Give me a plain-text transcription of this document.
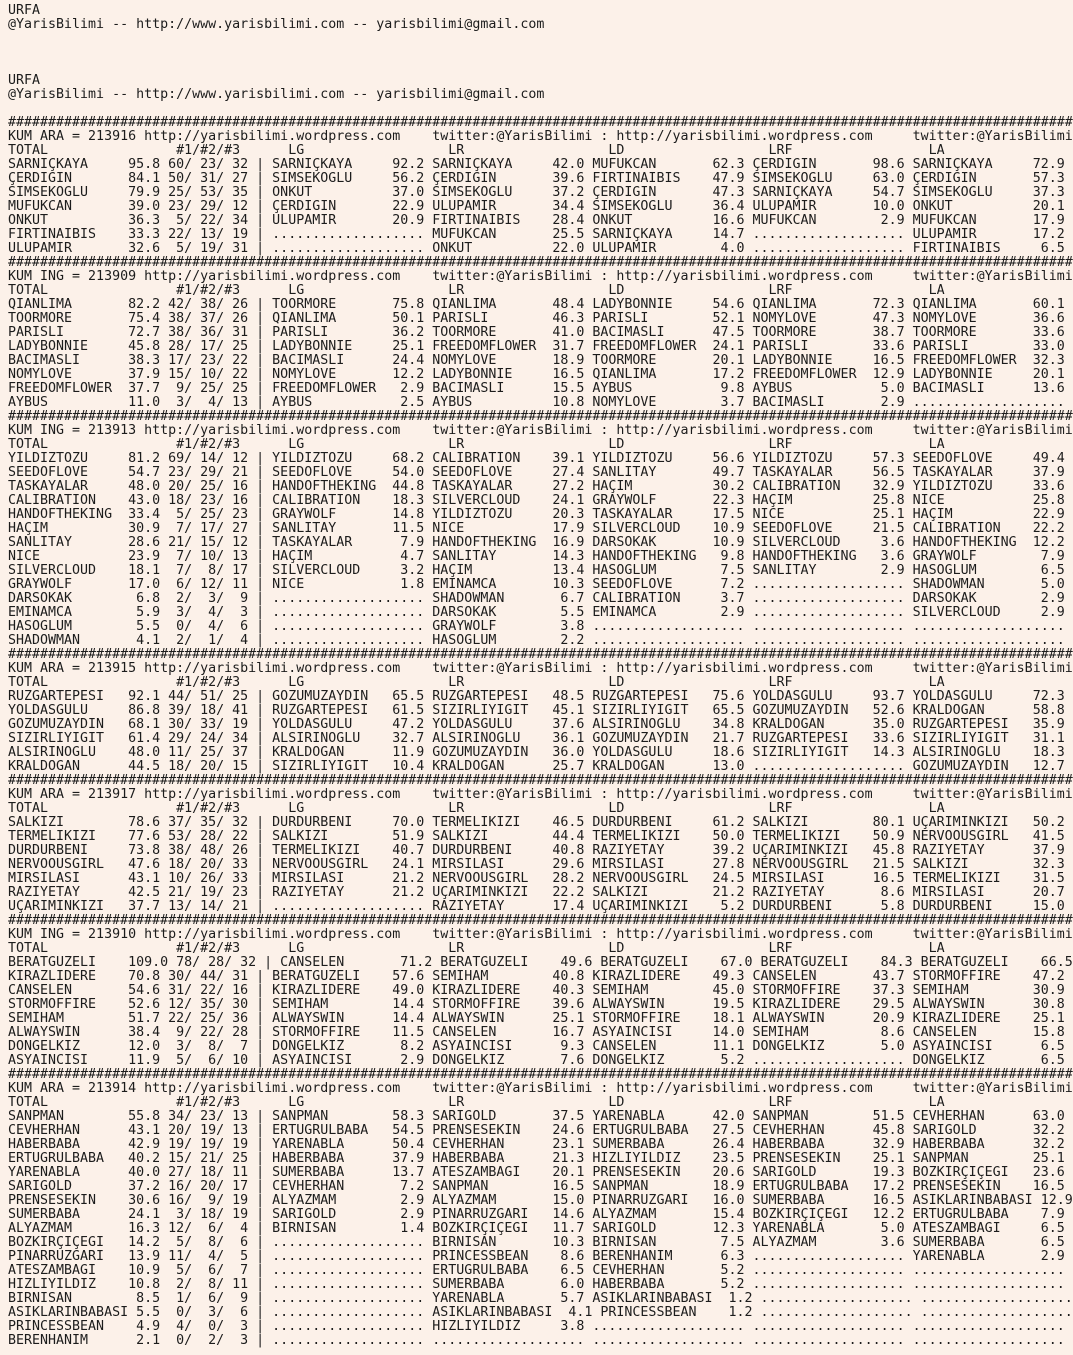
URFA
@YarisBilimi -- http://www.yarisbilimi.com -- yarisbilimi@gmail.com
URFA
@YarisBilimi -- http://www.yarisbilimi.com -- yarisbilimi@gmail.com
#####################################################################################################################################
KUM ARA = 213916 http://yarisbilimi.wordpress.com    twitter:@YarisBilimi : http://yarisbilimi.wordpress.com     twitter:@YarisBilimi
TOTAL                #1/#2/#3      LG                  LR                  LD                  LRF                 LA
SARNIÇKAYA     95.8 60/ 23/ 32 | SARNIÇKAYA     92.2 SARNIÇKAYA     42.0 MUFUKCAN       62.3 ÇERDIGIN       98.6 SARNIÇKAYA     72.9
ÇERDIGIN       84.1 50/ 31/ 27 | SIMSEKOGLU     56.2 ÇERDIGIN       39.6 FIRTINAIBIS    47.9 SIMSEKOGLU     63.0 ÇERDIGIN       57.3
SIMSEKOGLU     79.9 25/ 53/ 35 | ONKUT          37.0 SIMSEKOGLU     37.2 ÇERDIGIN       47.3 SARNIÇKAYA     54.7 SIMSEKOGLU     37.3
MUFUKCAN       39.0 23/ 29/ 12 | ÇERDIGIN       22.9 ULUPAMIR       34.4 SIMSEKOGLU     36.4 ULUPAMIR       10.0 ONKUT          20.1
ONKUT          36.3  5/ 22/ 34 | ULUPAMIR       20.9 FIRTINAIBIS    28.4 ONKUT          16.6 MUFUKCAN        2.9 MUFUKCAN       17.9
FIRTINAIBIS    33.3 22/ 13/ 19 | ................... MUFUKCAN       25.5 SARNIÇKAYA     14.7 ................... ULUPAMIR       17.2
ULUPAMIR       32.6  5/ 19/ 31 | ................... ONKUT          22.0 ULUPAMIR        4.0 ................... FIRTINAIBIS     6.5
#####################################################################################################################################
KUM ING = 213909 http://yarisbilimi.wordpress.com    twitter:@YarisBilimi : http://yarisbilimi.wordpress.com     twitter:@YarisBilimi
TOTAL                #1/#2/#3      LG                  LR                  LD                  LRF                 LA
QIANLIMA       82.2 42/ 38/ 26 | TOORMORE       75.8 QIANLIMA       48.4 LADYBONNIE     54.6 QIANLIMA       72.3 QIANLIMA       60.1
TOORMORE       75.4 38/ 37/ 26 | QIANLIMA       50.1 PARISLI        46.3 PARISLI        52.1 NOMYLOVE       47.3 NOMYLOVE       36.6
PARISLI        72.7 38/ 36/ 31 | PARISLI        36.2 TOORMORE       41.0 BACIMASLI      47.5 TOORMORE       38.7 TOORMORE       33.6
LADYBONNIE     45.8 28/ 17/ 25 | LADYBONNIE     25.1 FREEDOMFLOWER  31.7 FREEDOMFLOWER  24.1 PARISLI        33.6 PARISLI        33.0
BACIMASLI      38.3 17/ 23/ 22 | BACIMASLI      24.4 NOMYLOVE       18.9 TOORMORE       20.1 LADYBONNIE     16.5 FREEDOMFLOWER  32.3
NOMYLOVE       37.9 15/ 10/ 22 | NOMYLOVE       12.2 LADYBONNIE     16.5 QIANLIMA       17.2 FREEDOMFLOWER  12.9 LADYBONNIE     20.1
FREEDOMFLOWER  37.7  9/ 25/ 25 | FREEDOMFLOWER   2.9 BACIMASLI      15.5 AYBUS           9.8 AYBUS           5.0 BACIMASLI      13.6
AYBUS          11.0  3/  4/ 13 | AYBUS           2.5 AYBUS          10.8 NOMYLOVE        3.7 BACIMASLI       2.9 ...................
#####################################################################################################################################
KUM ING = 213913 http://yarisbilimi.wordpress.com    twitter:@YarisBilimi : http://yarisbilimi.wordpress.com     twitter:@YarisBilimi
TOTAL                #1/#2/#3      LG                  LR                  LD                  LRF                 LA
YILDIZTOZU     81.2 69/ 14/ 12 | YILDIZTOZU     68.2 CALIBRATION    39.1 YILDIZTOZU     56.6 YILDIZTOZU     57.3 SEEDOFLOVE     49.4
SEEDOFLOVE     54.7 23/ 29/ 21 | SEEDOFLOVE     54.0 SEEDOFLOVE     27.4 SANLITAY       49.7 TASKAYALAR     56.5 TASKAYALAR     37.9
TASKAYALAR     48.0 20/ 25/ 16 | HANDOFTHEKING  44.8 TASKAYALAR     27.2 HAÇIM          30.2 CALIBRATION    32.9 YILDIZTOZU     33.6
CALIBRATION    43.0 18/ 23/ 16 | CALIBRATION    18.3 SILVERCLOUD    24.1 GRAYWOLF       22.3 HAÇIM          25.8 NICE           25.8
HANDOFTHEKING  33.4  5/ 25/ 23 | GRAYWOLF       14.8 YILDIZTOZU     20.3 TASKAYALAR     17.5 NICE           25.1 HAÇIM          22.9
HAÇIM          30.9  7/ 17/ 27 | SANLITAY       11.5 NICE           17.9 SILVERCLOUD    10.9 SEEDOFLOVE     21.5 CALIBRATION    22.2
SANLITAY       28.6 21/ 15/ 12 | TASKAYALAR      7.9 HANDOFTHEKING  16.9 DARSOKAK       10.9 SILVERCLOUD     3.6 HANDOFTHEKING  12.2
NICE           23.9  7/ 10/ 13 | HAÇIM           4.7 SANLITAY       14.3 HANDOFTHEKING   9.8 HANDOFTHEKING   3.6 GRAYWOLF        7.9
SILVERCLOUD    18.1  7/  8/ 17 | SILVERCLOUD     3.2 HAÇIM          13.4 HASOGLUM        7.5 SANLITAY        2.9 HASOGLUM        6.5
GRAYWOLF       17.0  6/ 12/ 11 | NICE            1.8 EMINAMCA       10.3 SEEDOFLOVE      7.2 ................... SHADOWMAN       5.0
DARSOKAK        6.8  2/  3/  9 | ................... SHADOWMAN       6.7 CALIBRATION     3.7 ................... DARSOKAK        2.9
EMINAMCA        5.9  3/  4/  3 | ................... DARSOKAK        5.5 EMINAMCA        2.9 ................... SILVERCLOUD     2.9
HASOGLUM        5.5  0/  4/  6 | ................... GRAYWOLF        3.8 ................... ................... ...................
SHADOWMAN       4.1  2/  1/  4 | ................... HASOGLUM        2.2 ................... ................... ...................
#####################################################################################################################################
KUM ARA = 213915 http://yarisbilimi.wordpress.com    twitter:@YarisBilimi : http://yarisbilimi.wordpress.com     twitter:@YarisBilimi
TOTAL                #1/#2/#3      LG                  LR                  LD                  LRF                 LA
RÜZGARTEPESI   92.1 44/ 51/ 25 | GÖZÜMÜZAYDIN   65.5 RÜZGARTEPESI   48.5 RÜZGARTEPESI   75.6 YOLDASGÜLÜ     93.7 YOLDASGÜLÜ     72.3
YOLDASGÜLÜ     86.8 39/ 18/ 41 | RÜZGARTEPESI   61.5 SIZIRLIYIGIT   45.1 SIZIRLIYIGIT   65.5 GÖZÜMÜZAYDIN   52.6 KRALDOGAN      58.8
GÖZÜMÜZAYDIN   68.1 30/ 33/ 19 | YOLDASGÜLÜ     47.2 YOLDASGÜLÜ     37.6 ALSIRINOGLU    34.8 KRALDOGAN      35.0 RÜZGARTEPESI   35.9
SIZIRLIYIGIT   61.4 29/ 24/ 34 | ALSIRINOGLU    32.7 ALSIRINOGLU    36.1 GÖZÜMÜZAYDIN   21.7 RÜZGARTEPESI   33.6 SIZIRLIYIGIT   31.1
ALSIRINOGLU    48.0 11/ 25/ 37 | KRALDOGAN      11.9 GÖZÜMÜZAYDIN   36.0 YOLDASGÜLÜ     18.6 SIZIRLIYIGIT   14.3 ALSIRINOGLU    18.3
KRALDOGAN      44.5 18/ 20/ 15 | SIZIRLIYIGIT   10.4 KRALDOGAN      25.7 KRALDOGAN      13.0 ................... GÖZÜMÜZAYDIN   12.7
#####################################################################################################################################
KUM ARA = 213917 http://yarisbilimi.wordpress.com    twitter:@YarisBilimi : http://yarisbilimi.wordpress.com     twitter:@YarisBilimi
TOTAL                #1/#2/#3      LG                  LR                  LD                  LRF                 LA
SALKIZI        78.6 37/ 35/ 32 | DURDURBENI     70.0 TERMELIKIZI    46.5 DURDURBENI     61.2 SALKIZI        80.1 UÇARIMINKIZI   50.2
TERMELIKIZI    77.6 53/ 28/ 22 | SALKIZI        51.9 SALKIZI        44.4 TERMELIKIZI    50.0 TERMELIKIZI    50.9 NERVOOUSGIRL   41.5
DURDURBENI     73.8 38/ 48/ 26 | TERMELIKIZI    40.7 DURDURBENI     40.8 RAZIYETAY      39.2 UÇARIMINKIZI   45.8 RAZIYETAY      37.9
NERVOOUSGIRL   47.6 18/ 20/ 33 | NERVOOUSGIRL   24.1 MIRSILASI      29.6 MIRSILASI      27.8 NERVOOUSGIRL   21.5 SALKIZI        32.3
MIRSILASI      43.1 10/ 26/ 33 | MIRSILASI      21.2 NERVOOUSGIRL   28.2 NERVOOUSGIRL   24.5 MIRSILASI      16.5 TERMELIKIZI    31.5
RAZIYETAY      42.5 21/ 19/ 23 | RAZIYETAY      21.2 UÇARIMINKIZI   22.2 SALKIZI        21.2 RAZIYETAY       8.6 MIRSILASI      20.7
UÇARIMINKIZI   37.7 13/ 14/ 21 | ................... RAZIYETAY      17.4 UÇARIMINKIZI    5.2 DURDURBENI      5.8 DURDURBENI     15.0
#####################################################################################################################################
KUM ING = 213910 http://yarisbilimi.wordpress.com    twitter:@YarisBilimi : http://yarisbilimi.wordpress.com     twitter:@YarisBilimi
TOTAL                #1/#2/#3      LG                  LR                  LD                  LRF                 LA
BERATGÜZELI    109.0 78/ 28/ 32 | CANSELEN       71.2 BERATGÜZELI    49.6 BERATGÜZELI    67.0 BERATGÜZELI    84.3 BERATGÜZELI    66.5
KIRAZLIDERE    70.8 30/ 44/ 31 | BERATGÜZELI    57.6 SEMIHAM        40.8 KIRAZLIDERE    49.3 CANSELEN       43.7 STORMOFFIRE    47.2
CANSELEN       54.6 31/ 22/ 16 | KIRAZLIDERE    49.0 KIRAZLIDERE    40.3 SEMIHAM        45.0 STORMOFFIRE    37.3 SEMIHAM        30.9
STORMOFFIRE    52.6 12/ 35/ 30 | SEMIHAM        14.4 STORMOFFIRE    39.6 ALWAYSWIN      19.5 KIRAZLIDERE    29.5 ALWAYSWIN      30.8
SEMIHAM        51.7 22/ 25/ 36 | ALWAYSWIN      14.4 ALWAYSWIN      25.1 STORMOFFIRE    18.1 ALWAYSWIN      20.9 KIRAZLIDERE    25.1
ALWAYSWIN      38.4  9/ 22/ 28 | STORMOFFIRE    11.5 CANSELEN       16.7 ASYAINCISI     14.0 SEMIHAM         8.6 CANSELEN       15.8
DÖNGELKIZ      12.0  3/  8/  7 | DÖNGELKIZ       8.2 ASYAINCISI      9.3 CANSELEN       11.1 DÖNGELKIZ       5.0 ASYAINCISI      6.5
ASYAINCISI     11.9  5/  6/ 10 | ASYAINCISI      2.9 DÖNGELKIZ       7.6 DÖNGELKIZ       5.2 ................... DÖNGELKIZ       6.5
#####################################################################################################################################
KUM ARA = 213914 http://yarisbilimi.wordpress.com    twitter:@YarisBilimi : http://yarisbilimi.wordpress.com     twitter:@YarisBilimi
TOTAL                #1/#2/#3      LG                  LR                  LD                  LRF                 LA
SANPMAN        55.8 34/ 23/ 13 | SANPMAN        58.3 SARIGOLD       37.5 YARENABLA      42.0 SANPMAN        51.5 CEVHERHAN      63.0
CEVHERHAN      43.1 20/ 19/ 13 | ERTUGRULBABA   54.5 PRENSESEKIN    24.6 ERTUGRULBABA   27.5 CEVHERHAN      45.8 SARIGOLD       32.2
HABERBABA      42.9 19/ 19/ 19 | YARENABLA      50.4 CEVHERHAN      23.1 SÜMERBABA      26.4 HABERBABA      32.9 HABERBABA      32.2
ERTUGRULBABA   40.2 15/ 21/ 25 | HABERBABA      37.9 HABERBABA      21.3 HIZLIYILDIZ    23.5 PRENSESEKIN    25.1 SANPMAN        25.1
YARENABLA      40.0 27/ 18/ 11 | SÜMERBABA      13.7 ATESZAMBAGI    20.1 PRENSESEKIN    20.6 SARIGOLD       19.3 BOZKIRÇIÇEGI   23.6
SARIGOLD       37.2 16/ 20/ 17 | CEVHERHAN       7.2 SANPMAN        16.5 SANPMAN        18.9 ERTUGRULBABA   17.2 PRENSESEKIN    16.5
PRENSESEKIN    30.6 16/  9/ 19 | ALYAZMAM        2.9 ALYAZMAM       15.0 PINARRÜZGARI   16.0 SÜMERBABA      16.5 ASIKLARINBABASI 12.9
SÜMERBABA      24.1  3/ 18/ 19 | SARIGOLD        2.9 PINARRÜZGARI   14.6 ALYAZMAM       15.4 BOZKIRÇIÇEGI   12.2 ERTUGRULBABA    7.9
ALYAZMAM       16.3 12/  6/  4 | BIRNISAN        1.4 BOZKIRÇIÇEGI   11.7 SARIGOLD       12.3 YARENABLA       5.0 ATESZAMBAGI     6.5
BOZKIRÇIÇEGI   14.2  5/  8/  6 | ................... BIRNISAN       10.3 BIRNISAN        7.5 ALYAZMAM        3.6 SÜMERBABA       6.5
PINARRÜZGARI   13.9 11/  4/  5 | ................... PRINCESSBEAN    8.6 BERENHANIM      6.3 ................... YARENABLA       2.9
ATESZAMBAGI    10.9  5/  6/  7 | ................... ERTUGRULBABA    6.5 CEVHERHAN       5.2 ................... ...................
HIZLIYILDIZ    10.8  2/  8/ 11 | ................... SÜMERBABA       6.0 HABERBABA       5.2 ................... ...................
BIRNISAN        8.5  1/  6/  9 | ................... YARENABLA       5.7 ASIKLARINBABASI  1.2 ................... ...................
ASIKLARINBABASI 5.5  0/  3/  6 | ................... ASIKLARINBABASI  4.1 PRINCESSBEAN    1.2 ................... ...................
PRINCESSBEAN    4.9  4/  0/  3 | ................... HIZLIYILDIZ     3.8 ................... ................... ...................
BERENHANIM      2.1  0/  2/  3 | ................... ................... ................... ................... ...................
